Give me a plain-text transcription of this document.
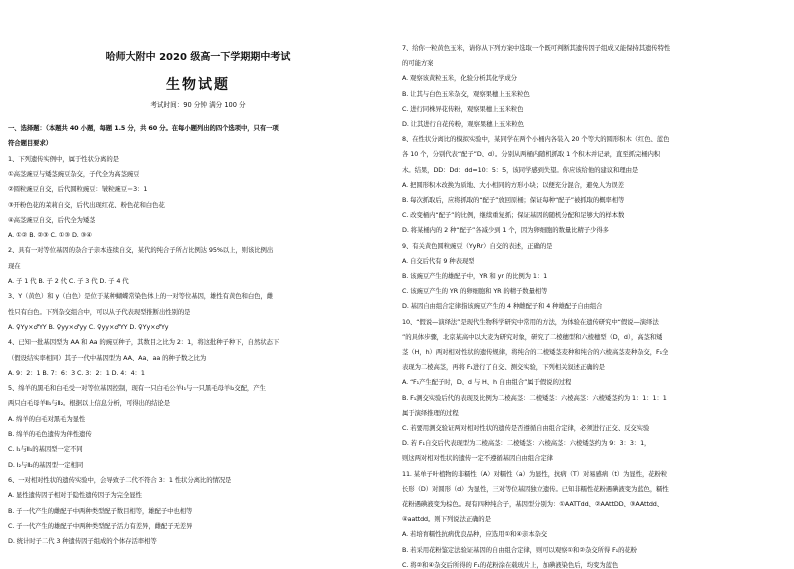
哈师大附中 2020 级高一下学期期中考试
生物试题
考试时间：90 分钟 满分 100 分
一、选择题：（本题共 40 小题，每题 1.5 分，共 60 分。在每小题列出的四个选项中，只有一项
符合题目要求）
1、下列遗传实例中，属于性状分离的是
①高茎豌豆与矮茎豌豆杂交，子代全为高茎豌豆
②圆粒豌豆自交，后代圆粒豌豆：皱粒豌豆＝3：1
③开粉色花的茉莉自交，后代出现红花、粉色花和白色花
④高茎豌豆自交，后代全为矮茎
A. ①② B. ②③ C. ①③ D. ③④
2、具有一对等位基因的杂合子亲本连续自交，某代的纯合子所占比例达 95%以上，则该比例出
现在
A. 子 1 代 B. 子 2 代 C. 子 3 代 D. 子 4 代
3、Y（黄色）和 y（白色）是位于某种蝴蝶常染色体上的一对等位基因，雄性有黄色和白色，雌
性只有白色。下列杂交组合中，可以从子代表现型推断出性别的是
A. ♀Yy×♂YY B. ♀yy×♂yy C. ♀yy×♂YY D. ♀Yy×♂Yy
4、已知一批基因型为 AA 和 Aa 的豌豆种子，其数目之比为 2：1，将这批种子种下，自然状态下
（假设结实率相同）其子一代中基因型为 AA、Aa、aa 的种子数之比为
A. 9：2：1 B. 7：6：3 C. 3：2：1 D. 4：4：1
5、绵羊的黑毛和白毛受一对等位基因控制，现有一只白毛公羊Ⅰ₁与一只黑毛母羊Ⅰ₂交配，产生
两只白毛母羊Ⅱ₁与Ⅱ₂。根据以上信息分析，可得出的结论是
A. 绵羊的白毛对黑毛为显性
B. 绵羊的毛色遗传为伴性遗传
C. Ⅰ₁与Ⅱ₁的基因型一定不同
D. Ⅰ₂与Ⅱ₂的基因型一定相同
6、一对相对性状的遗传实验中，会导致子二代不符合 3：1 性状分离比的情况是
A. 显性遗传因子相对于隐性遗传因子为完全显性
B. 子一代产生的雌配子中两种类型配子数目相等，雄配子中也相等
C. 子一代产生的雄配子中两种类型配子活力有差异，雌配子无差异
D. 统计时子二代 3 种遗传因子组成的个体存活率相等
7、给你一粒黄色玉米，请你从下列方案中选取一个既可判断其遗传因子组成又能保持其遗传特性
的可能方案
A. 观察该黄粒玉米，化验分析其化学成分
B. 让其与白色玉米杂交，观察果穗上玉米粒色
C. 进行同株异花传粉，观察果穗上玉米粒色
D. 让其进行自花传粉，观察果穗上玉米粒色
8、在性状分离比的模拟实验中，某同学在两个小桶内各装入 20 个等大的圆形积木（红色、蓝色
各 10 个，分别代表“配子”D、d）。分别从两桶内随机抓取 1 个积木并记录，直至抓完桶内积
木。结果，DD：Dd：dd=10：5：5，该同学感到失望。你应该给他的建议和理由是
A. 把圆形积木改换为质地、大小相同的方形小块；以便充分混合，避免人为误差
B. 每次抓取后，应将抓取的“配子”放回原桶；保证每种“配子”被抓取的概率相等
C. 改变桶内“配子”的比例，继续重复抓；保证基因的随机分配和足够大的样本数
D. 将某桶内的 2 种“配子”各减少到 1 个，因为卵细胞的数量比精子少得多
9、有关黄色圆粒豌豆（YyRr）自交的表述，正确的是
A. 自交后代有 9 种表现型
B. 该豌豆产生的雄配子中，YR 和 yr 的比例为 1：1
C. 该豌豆产生的 YR 的卵细胞和 YR 的精子数量相等
D. 基因自由组合定律指该豌豆产生的 4 种雌配子和 4 种雄配子自由组合
10、“假说—演绎法”是现代生物科学研究中常用的方法，为体验在遗传研究中“假说—演绎法
”的具体步骤，北京某高中以大麦为研究对象，研究了二棱穗型和六棱穗型（D，d），高茎和矮
茎（H，h）两对相对性状的遗传规律，将纯合的二棱矮茎麦种和纯合的六棱高茎麦种杂交，F₁全
表现为二棱高茎，再将 F₁进行了自交、测交实验，下列相关叙述正确的是
A. “F₁产生配子时，D、d 与 H、h 自由组合”属于假说的过程
B. F₁测交实验后代的表现及比例为二棱高茎：二棱矮茎：六棱高茎：六棱矮茎约为 1：1：1：1
属于演绎推理的过程
C. 若要用测交验证两对相对性状的遗传是否遵循自由组合定律，必须进行正交、反交实验
D. 若 F₁自交后代表现型为二棱高茎：二棱矮茎：六棱高茎：六棱矮茎约为 9：3：3：1，
则这两对相对性状的遗传一定不遵循基因自由组合定律
11. 某单子叶植物的非糯性（A）对糯性（a）为显性，抗病（T）对易感病（t）为显性，花粉粒
长形（D）对圆形（d）为显性，三对等位基因独立遗传。已知非糯性花粉遇碘液变为蓝色，糯性
花粉遇碘液变为棕色。现有四种纯合子，基因型分别为：①AATTdd、②AAttDD、③AAttdd、
④aattdd。则下列说法正确的是
A. 若培育糯性抗病优良品种，应选用①和④亲本杂交
B. 若采用花粉鉴定法验证基因的自由组合定律，则可以观察①和②杂交所得 F₁的花粉
C. 将②和④杂交后所得的 F₁的花粉涂在载玻片上，加碘液染色后，均变为蓝色
